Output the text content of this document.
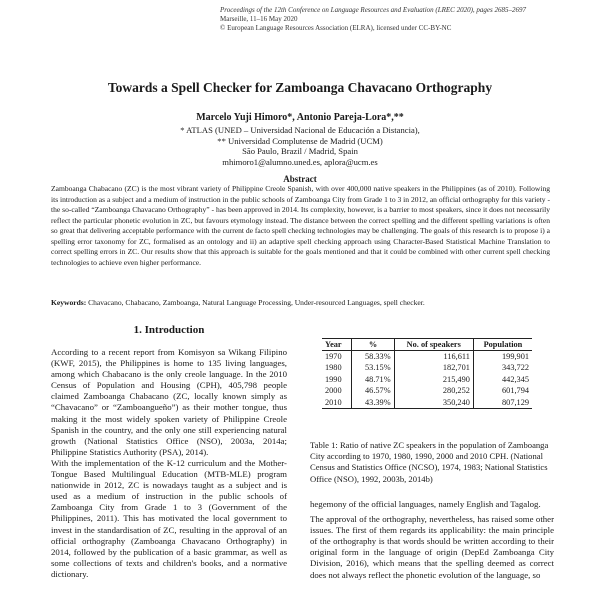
Proceedings of the 12th Conference on Language Resources and Evaluation (LREC 2020), pages 2685–2697
Marseille, 11–16 May 2020
© European Language Resources Association (ELRA), licensed under CC-BY-NC
Towards a Spell Checker for Zamboanga Chavacano Orthography
Marcelo Yuji Himoro*, Antonio Pareja-Lora*,**
* ATLAS (UNED – Universidad Nacional de Educación a Distancia),
** Universidad Complutense de Madrid (UCM)
São Paulo, Brazil / Madrid, Spain
mhimoro1@alumno.uned.es, aplora@ucm.es
Abstract
Zamboanga Chabacano (ZC) is the most vibrant variety of Philippine Creole Spanish, with over 400,000 native speakers in the Philippines (as of 2010). Following its introduction as a subject and a medium of instruction in the public schools of Zamboanga City from Grade 1 to 3 in 2012, an official orthography for this variety - the so-called “Zamboanga Chavacano Orthography” - has been approved in 2014. Its complexity, however, is a barrier to most speakers, since it does not necessarily reflect the particular phonetic evolution in ZC, but favours etymology instead. The distance between the correct spelling and the different spelling variations is often so great that delivering acceptable performance with the current de facto spell checking technologies may be challenging. The goals of this research is to propose i) a spelling error taxonomy for ZC, formalised as an ontology and ii) an adaptive spell checking approach using Character-Based Statistical Machine Translation to correct spelling errors in ZC. Our results show that this approach is suitable for the goals mentioned and that it could be combined with other current spell checking technologies to achieve even higher performance.
Keywords: Chavacano, Chabacano, Zamboanga, Natural Language Processing, Under-resourced Languages, spell checker.
1. Introduction

According to a recent report from Komisyon sa Wikang Filipino (KWF, 2015), the Philippines is home to 135 living languages, among which Chabacano is the only creole language. In the 2010 Census of Population and Housing (CPH), 405,798 people claimed Zamboanga Chabacano (ZC, locally known simply as “Chavacano” or “Zamboangueño”) as their mother tongue, thus making it the most widely spoken variety of Philippine Creole Spanish in the country, and the only one still experiencing natural growth (National Statistics Office (NSO), 2003a, 2014a; Philippine Statistics Authority (PSA), 2014).

With the implementation of the K-12 curriculum and the Mother-Tongue Based Multilingual Education (MTB-MLE) program nationwide in 2012, ZC is nowadays taught as a subject and is used as a medium of instruction in the public schools of Zamboanga City from Grade 1 to 3 (Government of the Philippines, 2011). This has motivated the local government to invest in the standardisation of ZC, resulting in the approval of an official orthography (Zamboanga Chavacano Orthography) in 2014, followed by the publication of a basic grammar, as well as some collections of texts and children's books, and a normative dictionary.

Year	%	No. of speakers	Population
1970	58.33%	116,611	199,901
1980	53.15%	182,701	343,722
1990	48.71%	215,490	442,345
2000	46.57%	280,252	601,794
2010	43.39%	350,240	807,129
Table 1: Ratio of native ZC speakers in the population of Zamboanga City according to 1970, 1980, 1990, 2000 and 2010 CPH. (National Census and Statistics Office (NCSO), 1974, 1983; National Statistics Office (NSO), 1992, 2003b, 2014b)

hegemony of the official languages, namely English and Tagalog.

The approval of the orthography, nevertheless, has raised some other issues. The first of them regards its applicability: the main principle of the orthography is that words should be written according to their original form in the language of origin (DepEd Zamboanga City Division, 2016), which means that the spelling deemed as correct does not always reflect the phonetic evolution of the language, so
